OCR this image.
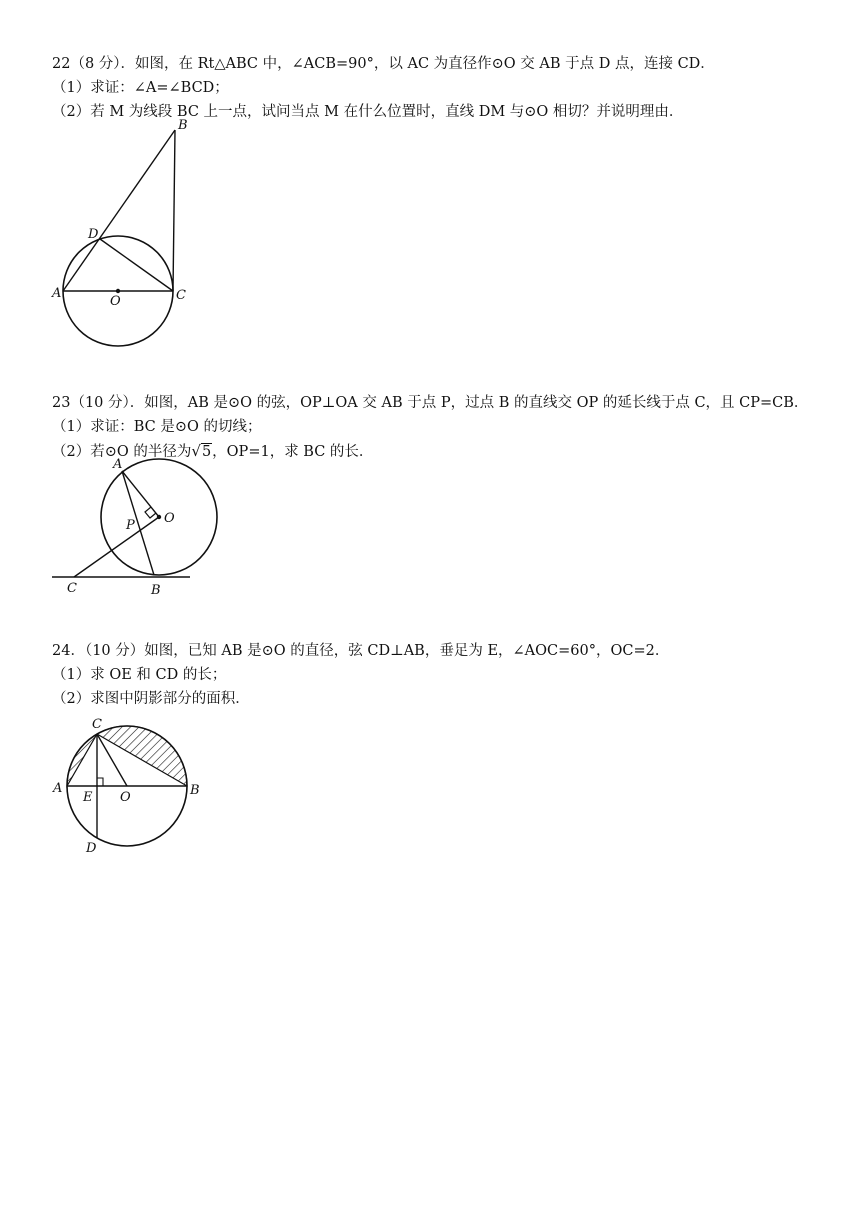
22（8 分）．如图，在 Rt△ABC 中，∠ACB=90°，以 AC 为直径作⊙O 交 AB 于点 D 点，连接 CD．
（1）求证：∠A=∠BCD；
（2）若 M 为线段 BC 上一点，试问当点 M 在什么位置时，直线 DM 与⊙O 相切？并说明理由．
B
D
A
O	C
23（10 分）．如图，AB 是⊙O 的弦，OP⊥OA 交 AB 于点 P，过点 B 的直线交 OP 的延长线于点 C，且 CP=CB．
（1）求证：BC 是⊙O 的切线；
（2）若⊙O 的半径为√5，OP=1，求 BC 的长．
A
O
P
C	B
24．（10 分）如图，已知 AB 是⊙O 的直径，弦 CD⊥AB，垂足为 E，∠AOC=60°，OC=2．
（1）求 OE 和 CD 的长；
（2）求图中阴影部分的面积．
C
A
E O	B
D
